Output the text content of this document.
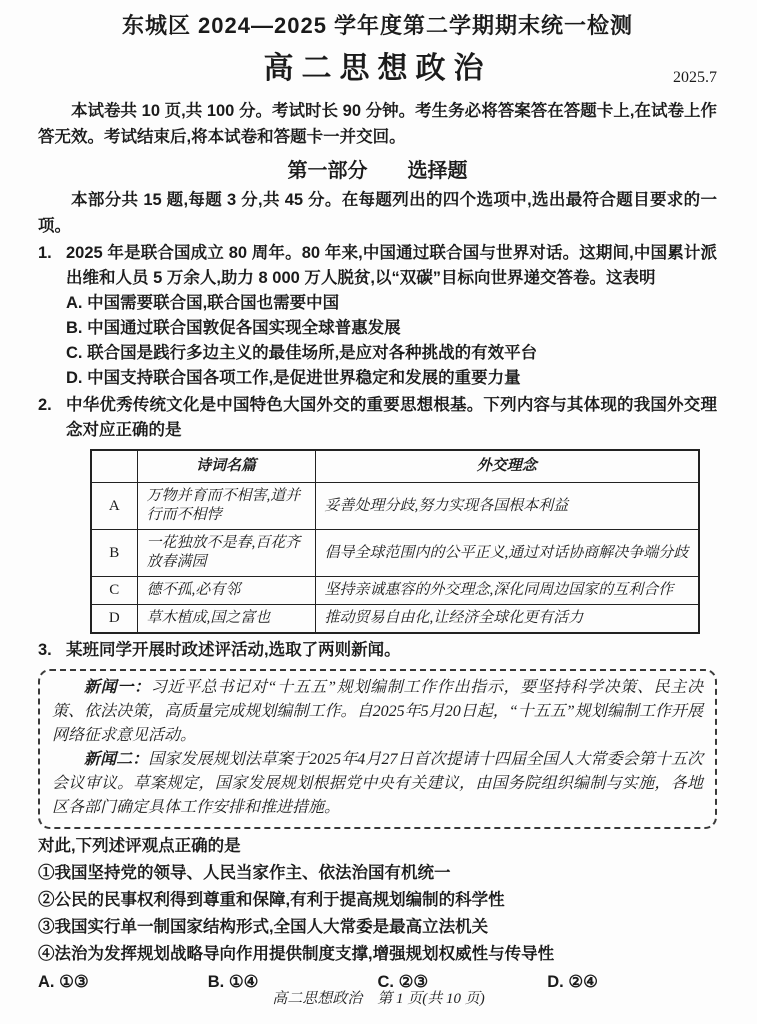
东城区 2024—2025 学年度第二学期期末统一检测
高二思想政治	2025.7

本试卷共 10 页,共 100 分。考试时长 90 分钟。考生务必将答案答在答题卡上,在试卷上作答无效。考试结束后,将本试卷和答题卡一并交回。

第一部分　　选择题

本部分共 15 题,每题 3 分,共 45 分。在每题列出的四个选项中,选出最符合题目要求的一项。

1. 2025 年是联合国成立 80 周年。80 年来,中国通过联合国与世界对话。这期间,中国累计派出维和人员 5 万余人,助力 8 000 万人脱贫,以“双碳”目标向世界递交答卷。这表明
A. 中国需要联合国,联合国也需要中国
B. 中国通过联合国敦促各国实现全球普惠发展
C. 联合国是践行多边主义的最佳场所,是应对各种挑战的有效平台
D. 中国支持联合国各项工作,是促进世界稳定和发展的重要力量
2. 中华优秀传统文化是中国特色大国外交的重要思想根基。下列内容与其体现的我国外交理念对应正确的是
	诗词名篇	外交理念
A	万物并育而不相害,道并行而不相悖	妥善处理分歧,努力实现各国根本利益
B	一花独放不是春,百花齐放春满园	倡导全球范围内的公平正义,通过对话协商解决争端分歧
C	德不孤,必有邻	坚持亲诚惠容的外交理念,深化同周边国家的互利合作
D	草木植成,国之富也	推动贸易自由化,让经济全球化更有活力
3. 某班同学开展时政述评活动,选取了两则新闻。

新闻一：习近平总书记对“十五五”规划编制工作作出指示，要坚持科学决策、民主决策、依法决策，高质量完成规划编制工作。自2025年5月20日起，“十五五”规划编制工作开展网络征求意见活动。

新闻二：国家发展规划法草案于2025年4月27日首次提请十四届全国人大常委会第十五次会议审议。草案规定，国家发展规划根据党中央有关建议，由国务院组织编制与实施，各地区各部门确定具体工作安排和推进措施。

对此,下列述评观点正确的是

①我国坚持党的领导、人民当家作主、依法治国有机统一
②公民的民事权利得到尊重和保障,有利于提高规划编制的科学性
③我国实行单一制国家结构形式,全国人大常委是最高立法机关
④法治为发挥规划战略导向作用提供制度支撑,增强规划权威性与传导性
A. ①③	B. ①④	C. ②③	D. ②④
高二思想政治　第 1 页(共 10 页)
